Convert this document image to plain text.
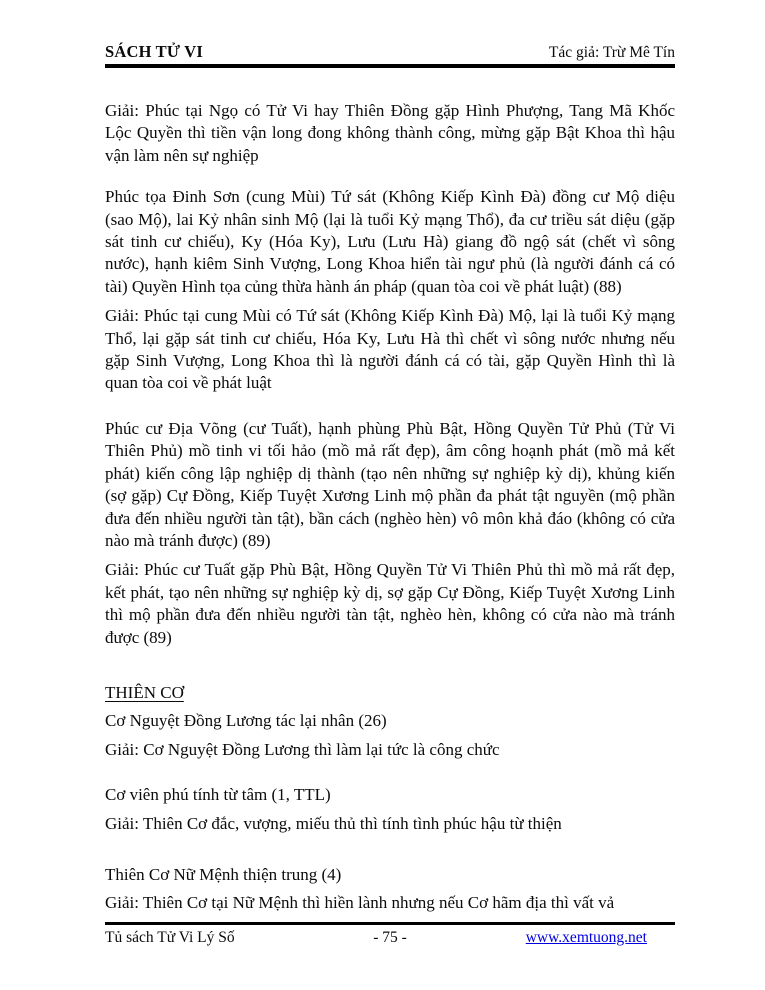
SÁCH TỬ VI	Tác giả: Trừ Mê Tín

Giải: Phúc tại Ngọ có Tử Vi hay Thiên Đồng gặp Hình Phượng, Tang Mã Khốc Lộc Quyền thì tiền vận long đong không thành công, mừng gặp Bật Khoa thì hậu vận làm nên sự nghiệp

Phúc tọa Đinh Sơn (cung Mùi) Tứ sát (Không Kiếp Kình Đà) đồng cư Mộ diệu (sao Mộ), lai Kỷ nhân sinh Mộ (lại là tuổi Kỷ mạng Thổ), đa cư triều sát diệu (gặp sát tinh cư chiếu), Ky (Hóa Ky), Lưu (Lưu Hà) giang đồ ngộ sát (chết vì sông nước), hạnh kiêm Sinh Vượng, Long Khoa hiển tài ngư phủ (là người đánh cá có tài) Quyền Hình tọa củng thừa hành án pháp (quan tòa coi về phát luật) (88)

Giải: Phúc tại cung Mùi có Tứ sát (Không Kiếp Kình Đà) Mộ, lại là tuổi Kỷ mạng Thổ, lại gặp sát tinh cư chiếu, Hóa Ky, Lưu Hà thì chết vì sông nước nhưng nếu gặp Sinh Vượng, Long Khoa thì là người đánh cá có tài, gặp Quyền Hình thì là quan tòa coi về phát luật

Phúc cư Địa Võng (cư Tuất), hạnh phùng Phù Bật, Hồng Quyền Tử Phủ (Tử Vi Thiên Phủ) mồ tinh vi tối hảo (mồ mả rất đẹp), âm công hoạnh phát (mồ mả kết phát) kiến công lập nghiệp dị thành (tạo nên những sự nghiệp kỳ dị), khủng kiến (sợ gặp) Cự Đồng, Kiếp Tuyệt Xương Linh mộ phần đa phát tật nguyền (mộ phần đưa đến nhiều người tàn tật), bần cách (nghèo hèn) vô môn khả đáo (không có cửa nào mà tránh được) (89)

Giải: Phúc cư Tuất gặp Phù Bật, Hồng Quyền Tử Vi Thiên Phủ thì mồ mả rất đẹp, kết phát, tạo nên những sự nghiệp kỳ dị, sợ gặp Cự Đồng, Kiếp Tuyệt Xương Linh thì mộ phần đưa đến nhiều người tàn tật, nghèo hèn, không có cửa nào mà tránh được (89)

THIÊN CƠ

Cơ Nguyệt Đồng Lương tác lại nhân (26)

Giải: Cơ Nguyệt Đồng Lương thì làm lại tức là công chức

Cơ viên phú tính từ tâm (1, TTL)

Giải: Thiên Cơ đắc, vượng, miếu thủ thì tính tình phúc hậu từ thiện

Thiên Cơ Nữ Mệnh thiện trung (4)

Giải: Thiên Cơ tại Nữ Mệnh thì hiền lành nhưng nếu Cơ hãm địa thì vất vả

Tủ sách Tử Vi Lý Số	- 75 -	www.xemtuong.net
